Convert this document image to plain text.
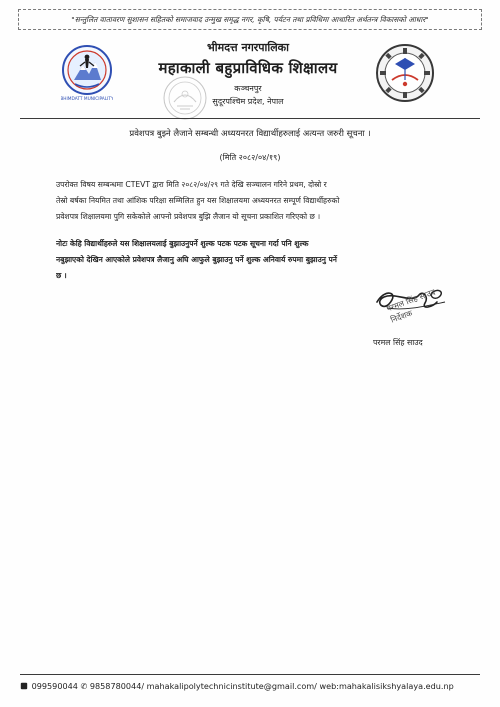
"सन्तुलित वातावरण सुशासन सहितको समाजवाद उन्मुख समृद्ध नगर, कृषि, पर्यटन तथा प्रविधिमा आधारित अर्थतन्त्र विकासको आधार"
BHIMDATT MUNICIPALITY
भीमदत्त नगरपालिका
महाकाली बहुप्राविधिक शिक्षालय
कञ्चनपुर
सुदूरपश्चिम प्रदेश, नेपाल
प्रवेशपत्र बुझ्ने लैजाने सम्बन्धी अध्ययनरत विद्यार्थीहरुलाई अत्यन्त जरुरी सूचना ।
(मिति २०८२/०४/१९)
उपरोक्त विषय सम्बन्धमा CTEVT द्वारा मिति २०८२/०४/२९ गते देखि सञ्चालन गरिने प्रथम, दोस्रो र
तेस्रो बर्षका नियमित तथा आंशिक परिक्षा सम्मिलित हुन यस शिक्षालयमा अध्ययनरत सम्पूर्ण विद्यार्थीहरुको
प्रवेशपत्र शिक्षालयमा पुगि सकेकोले आफ्नो प्रवेशपत्र बुझि लैजान यो सूचना प्रकाशित गरिएको छ ।
नोटः केहि विद्यार्थीहरुले यस शिक्षालयलाई बुझाउनुपर्ने शुल्क पटक पटक सूचना गर्दा पनि शुल्क
नबुझाएको देखिन आएकोले प्रवेशपत्र लैजानु अघि आफुले बुझाउनु पर्ने शुल्क अनिवार्य रुपमा बुझाउनु पर्ने
छ ।
परमल सिंह साउद
निर्देशक
परमल सिंह साउद
099590044 ✆ 9858780044/ mahakalipolytechnicinstitute@gmail.com/ web:mahakalisikshyalaya.edu.np
